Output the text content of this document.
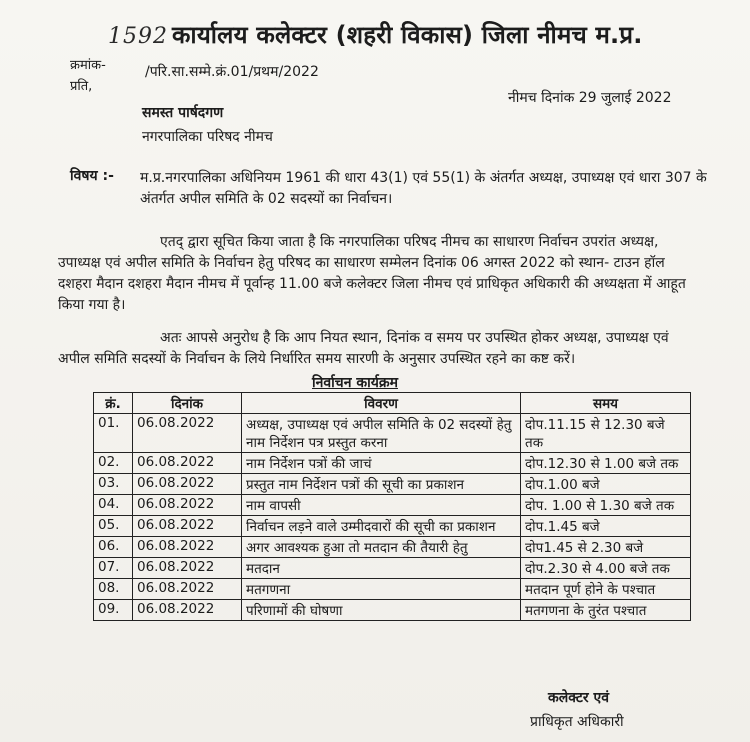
1592 कार्यालय कलेक्टर (शहरी विकास) जिला नीमच म.प्र.
क्रमांक-	/परि.सा.सम्मे.क्रं.01/प्रथम/2022
प्रति,
नीमच दिनांक 29 जुलाई 2022
समस्त पार्षदगण
नगरपालिका परिषद नीमच
विषय :- म.प्र.नगरपालिका अधिनियम 1961 की धारा 43(1) एवं 55(1) के अंतर्गत अध्यक्ष, उपाध्यक्ष एवं धारा 307 के
अंतर्गत अपील समिति के 02 सदस्यों का निर्वाचन।
एतद् द्वारा सूचित किया जाता है कि नगरपालिका परिषद नीमच का साधारण निर्वाचन उपरांत अध्यक्ष,
उपाध्यक्ष एवं अपील समिति के निर्वाचन हेतु परिषद का साधारण सम्मेलन दिनांक 06 अगस्त 2022 को स्थान- टाउन हॉल
दशहरा मैदान दशहरा मैदान नीमच में पूर्वान्ह 11.00 बजे कलेक्टर जिला नीमच एवं प्राधिकृत अधिकारी की अध्यक्षता में आहूत
किया गया है।
अतः आपसे अनुरोध है कि आप नियत स्थान, दिनांक व समय पर उपस्थित होकर अध्यक्ष, उपाध्यक्ष एवं
अपील समिति सदस्यों के निर्वाचन के लिये निर्धारित समय सारणी के अनुसार उपस्थित रहने का कष्ट करें।
निर्वाचन कार्यक्रम
क्रं.	दिनांक	विवरण	समय
01.	06.08.2022	अध्यक्ष, उपाध्यक्ष एवं अपील समिति के 02 सदस्यों हेतु नाम निर्देशन पत्र प्रस्तुत करना	दोप.11.15 से 12.30 बजे तक
02.	06.08.2022	नाम निर्देशन पत्रों की जाचं	दोप.12.30 से 1.00 बजे तक
03.	06.08.2022	प्रस्तुत नाम निर्देशन पत्रों की सूची का प्रकाशन	दोप.1.00 बजे
04.	06.08.2022	नाम वापसी	दोप. 1.00 से 1.30 बजे तक
05.	06.08.2022	निर्वाचन लड़ने वाले उम्मीदवारों की सूची का प्रकाशन	दोप.1.45 बजे
06.	06.08.2022	अगर आवश्यक हुआ तो मतदान की तैयारी हेतु	दोप1.45 से 2.30 बजे
07.	06.08.2022	मतदान	दोप.2.30 से 4.00 बजे तक
08.	06.08.2022	मतगणना	मतदान पूर्ण होने के पश्चात
09.	06.08.2022	परिणामों की घोषणा	मतगणना के तुरंत पश्चात
कलेक्टर एवं
प्राधिकृत अधिकारी
